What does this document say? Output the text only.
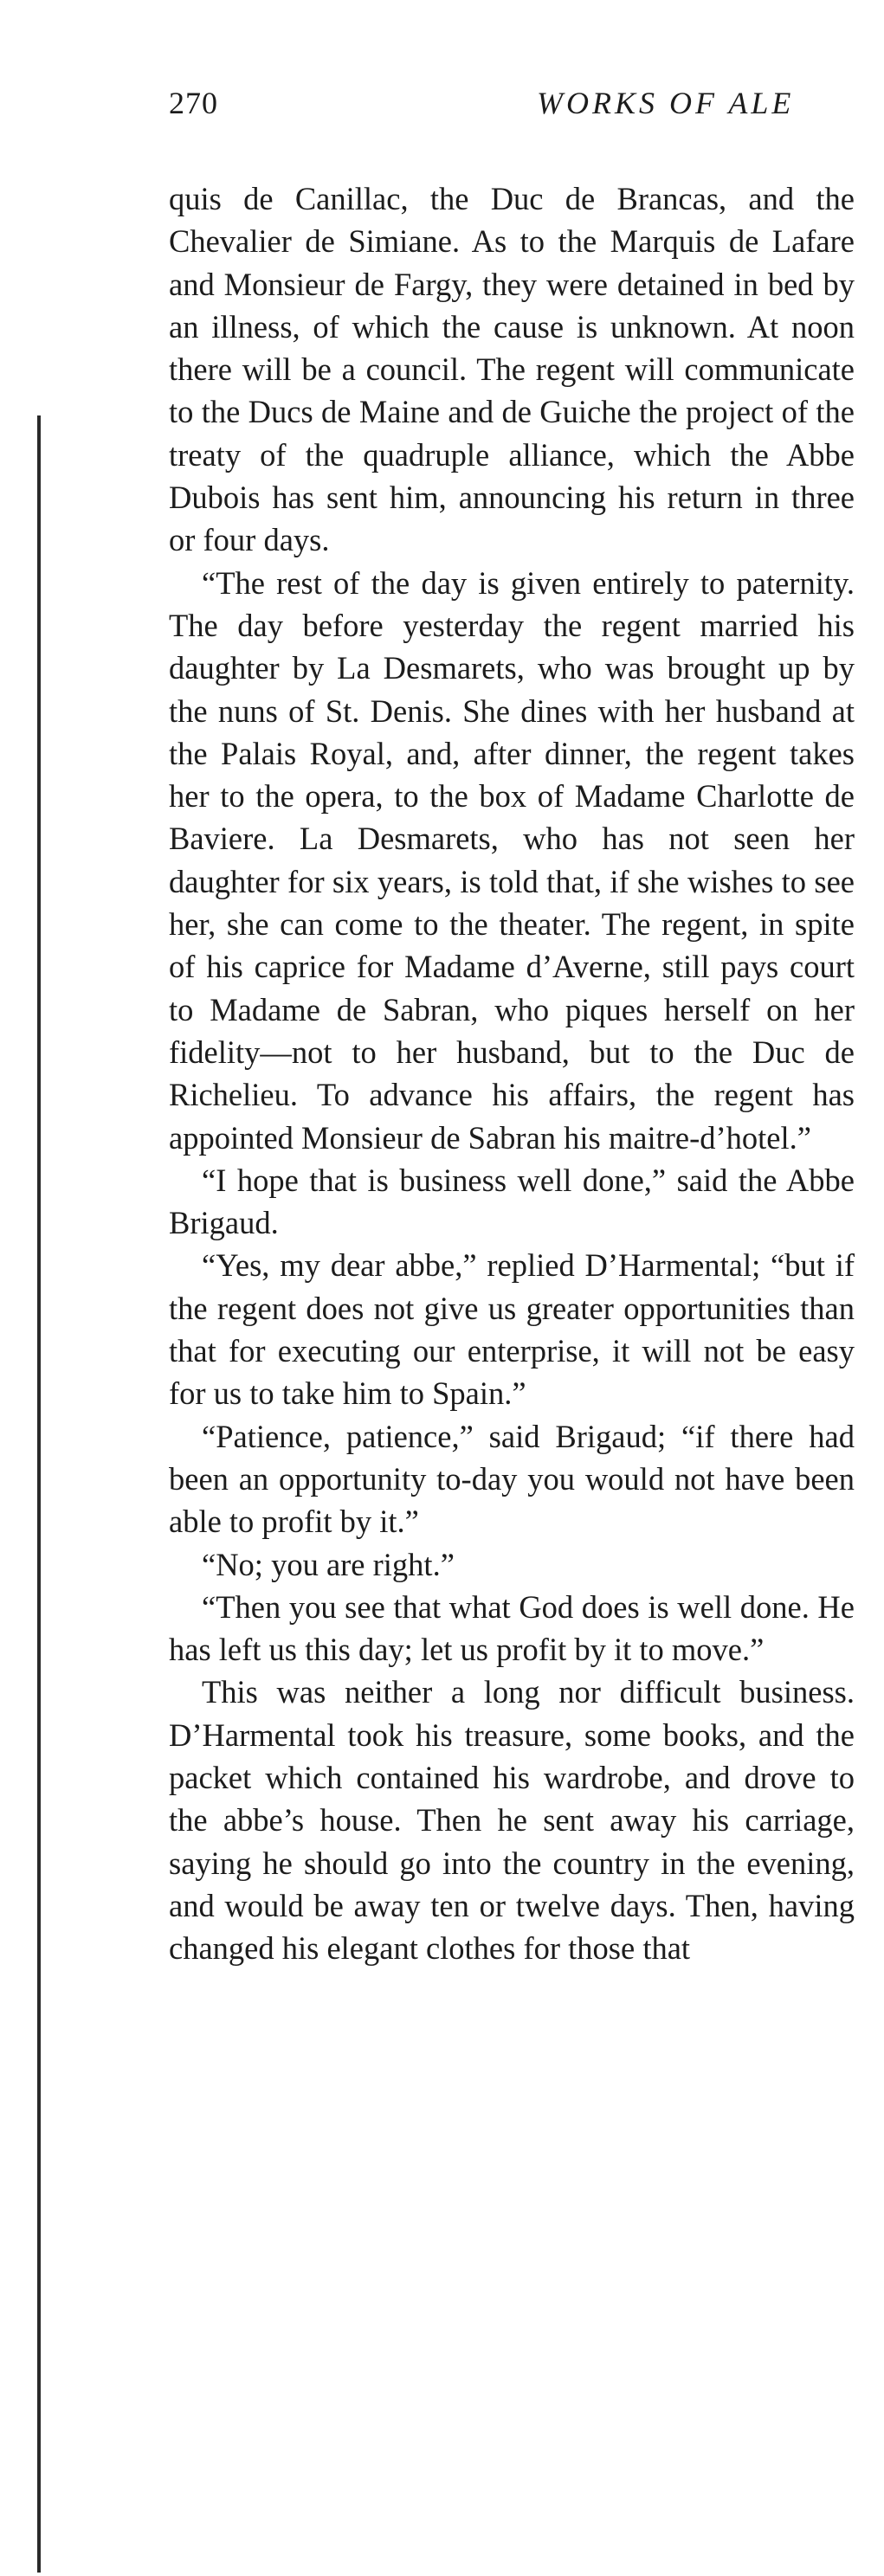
270	WORKS OF ALE

quis de Canillac, the Duc de Brancas, and the Chevalier de Simiane. As to the Marquis de Lafare and Monsieur de Fargy, they were detained in bed by an illness, of which the cause is unknown. At noon there will be a council. The regent will communicate to the Ducs de Maine and de Guiche the project of the treaty of the quadruple alliance, which the Abbe Dubois has sent him, announcing his return in three or four days.

“The rest of the day is given entirely to paternity. The day before yesterday the regent married his daughter by La Desmarets, who was brought up by the nuns of St. Denis. She dines with her husband at the Palais Royal, and, after dinner, the regent takes her to the opera, to the box of Madame Charlotte de Baviere. La Desmarets, who has not seen her daughter for six years, is told that, if she wishes to see her, she can come to the theater. The regent, in spite of his caprice for Madame d’Averne, still pays court to Madame de Sabran, who piques herself on her fidelity—not to her husband, but to the Duc de Richelieu. To advance his affairs, the regent has appointed Monsieur de Sabran his maitre-d’hotel.”

“I hope that is business well done,” said the Abbe Brigaud.

“Yes, my dear abbe,” replied D’Harmental; “but if the regent does not give us greater opportunities than that for executing our enterprise, it will not be easy for us to take him to Spain.”

“Patience, patience,” said Brigaud; “if there had been an opportunity to-day you would not have been able to profit by it.”

“No; you are right.”

“Then you see that what God does is well done. He has left us this day; let us profit by it to move.”

This was neither a long nor difficult business. D’Harmental took his treasure, some books, and the packet which contained his wardrobe, and drove to the abbe’s house. Then he sent away his carriage, saying he should go into the country in the evening, and would be away ten or twelve days. Then, having changed his elegant clothes for those that
